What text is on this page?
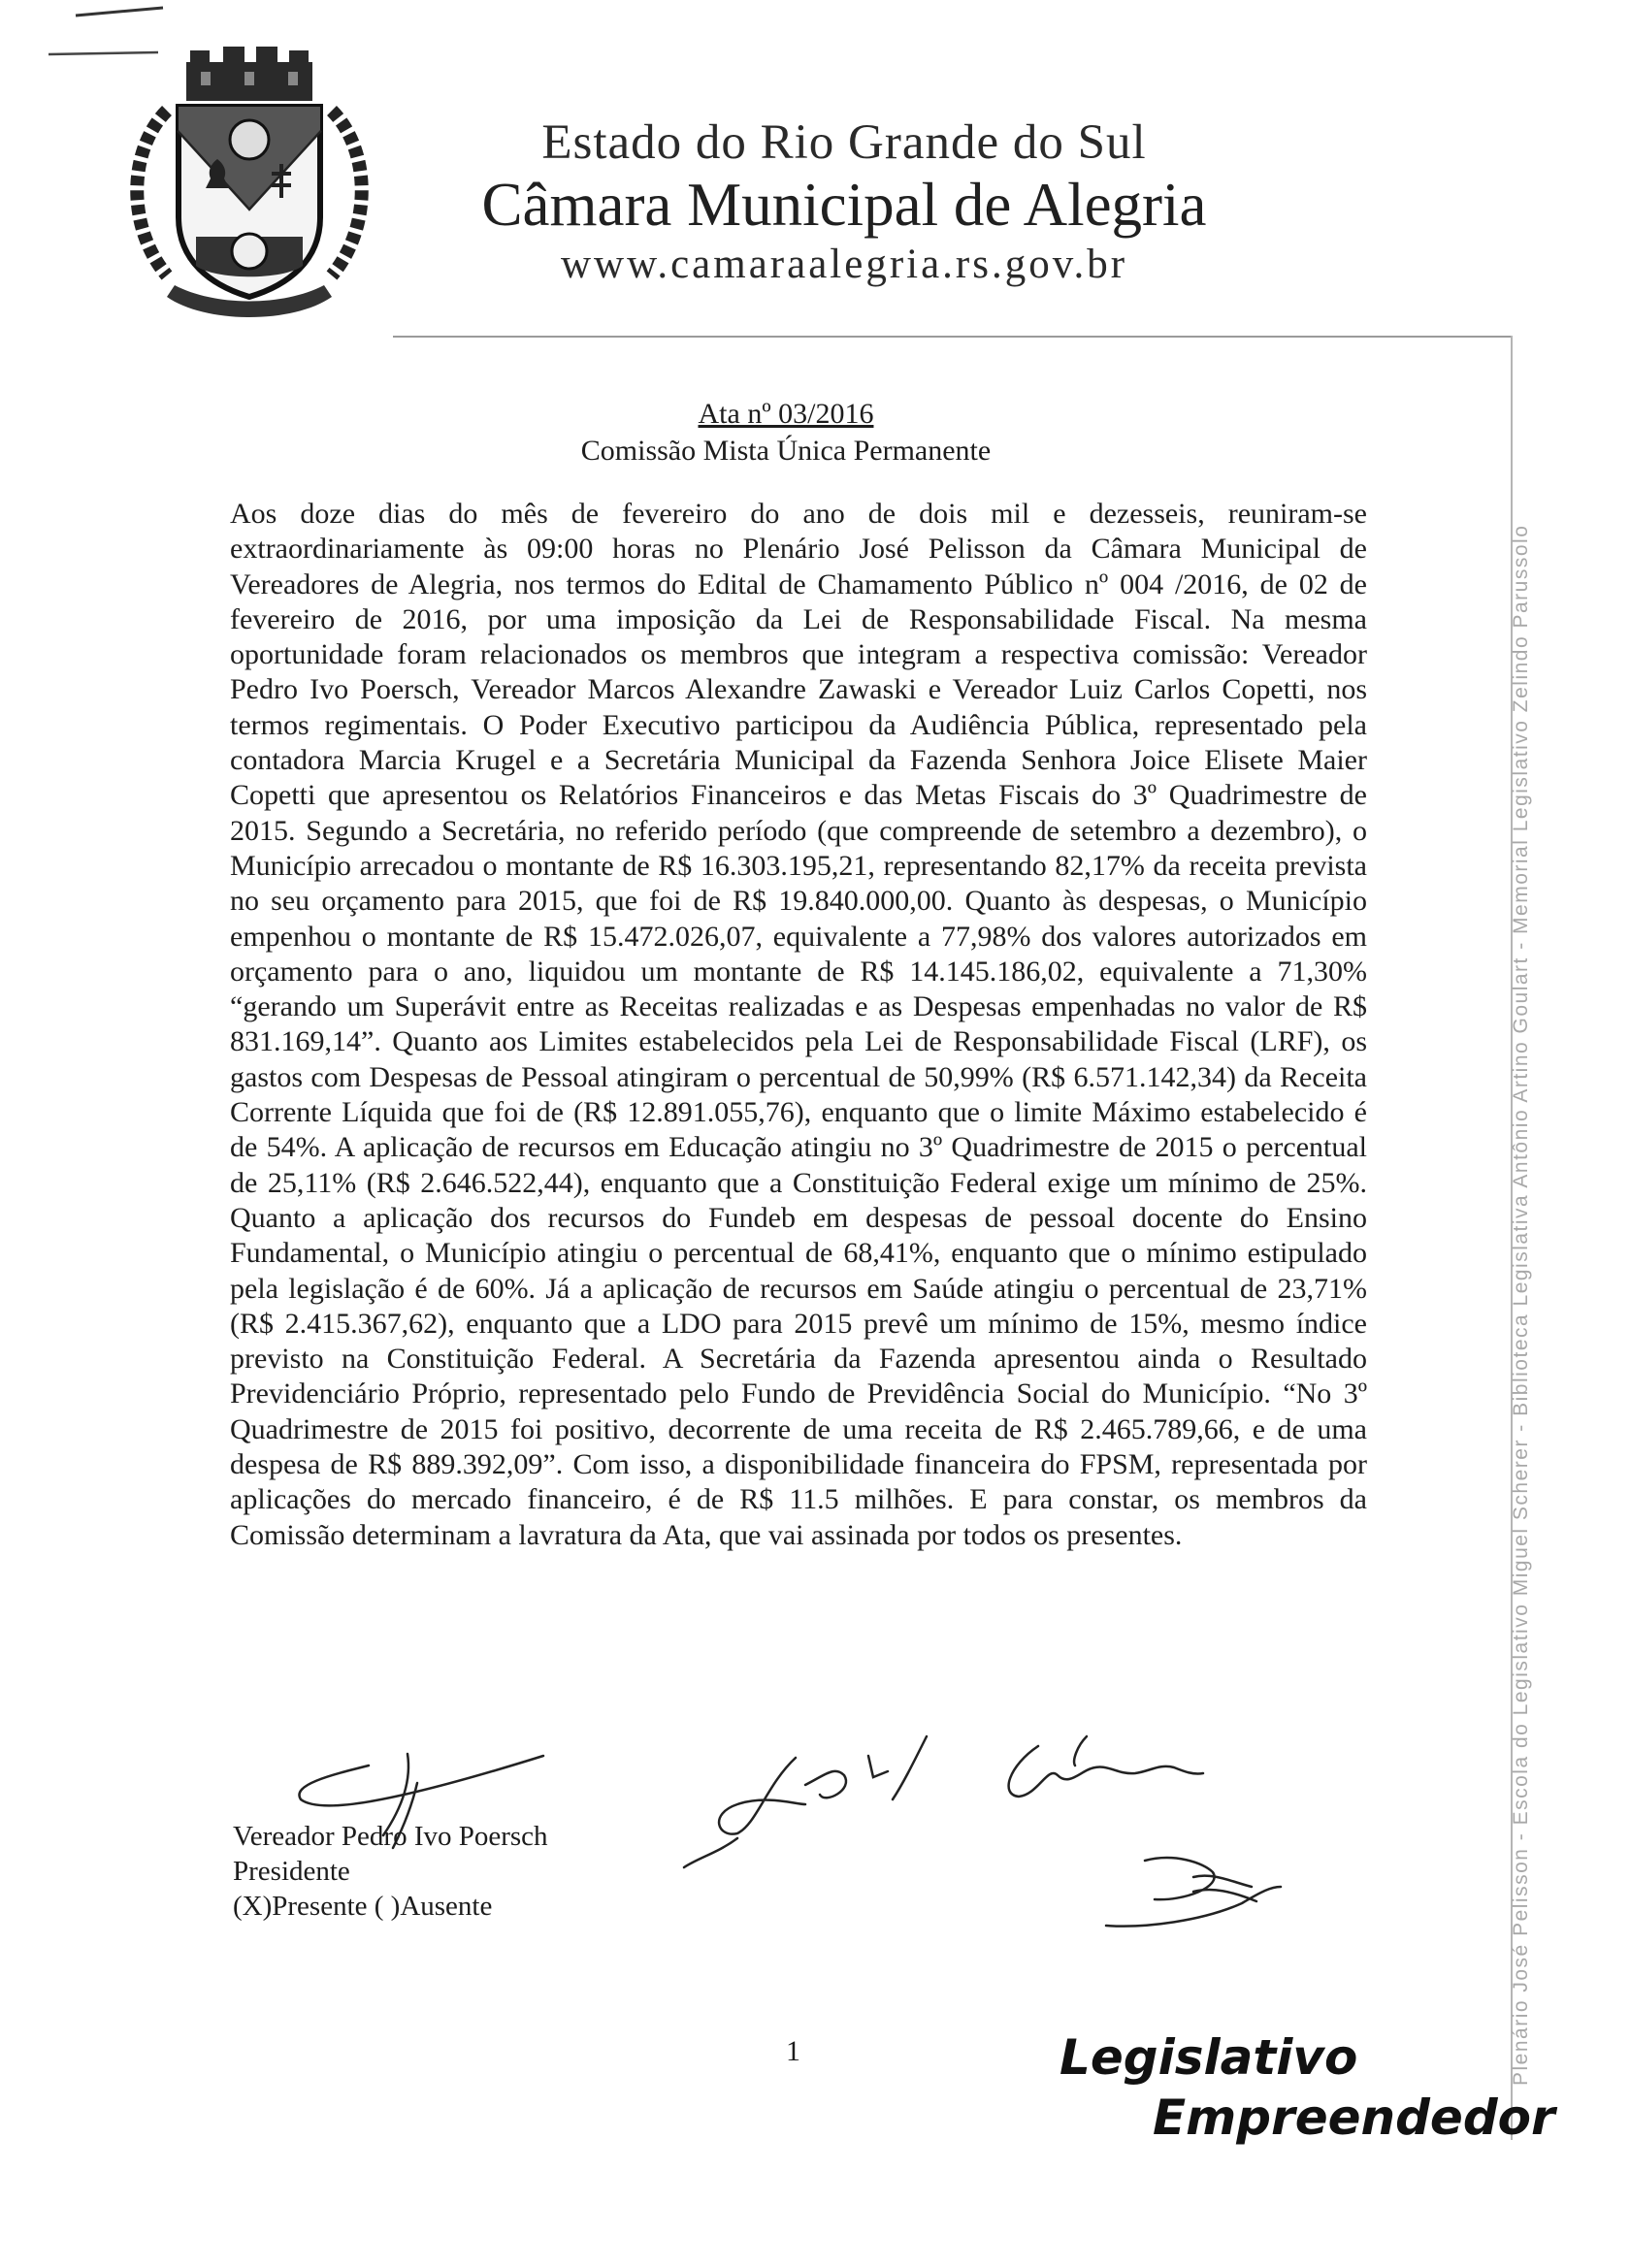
Estado do Rio Grande do Sul
Câmara Municipal de Alegria
www.camaraalegria.rs.gov.br
Plenário José Pelisson - Escola do Legislativo Miguel Scherer - Biblioteca Legislativa Antônio Artino Goulart - Memorial Legislativo Zelindo Parussolo
Ata nº 03/2016
Comissão Mista Única Permanente

Aos doze dias do mês de fevereiro do ano de dois mil e dezesseis, reuniram-se extraordinariamente às 09:00 horas no Plenário José Pelisson da Câmara Municipal de Vereadores de Alegria, nos termos do Edital de Chamamento Público nº 004 /2016, de 02 de fevereiro de 2016, por uma imposição da Lei de Responsabilidade Fiscal. Na mesma oportunidade foram relacionados os membros que integram a respectiva comissão: Vereador Pedro Ivo Poersch, Vereador Marcos Alexandre Zawaski e Vereador Luiz Carlos Copetti, nos termos regimentais. O Poder Executivo participou da Audiência Pública, representado pela contadora Marcia Krugel e a Secretária Municipal da Fazenda Senhora Joice Elisete Maier Copetti que apresentou os Relatórios Financeiros e das Metas Fiscais do 3º Quadrimestre de 2015. Segundo a Secretária, no referido período (que compreende de setembro a dezembro), o Município arrecadou o montante de R$ 16.303.195,21, representando 82,17% da receita prevista no seu orçamento para 2015, que foi de R$ 19.840.000,00. Quanto às despesas, o Município empenhou o montante de R$ 15.472.026,07, equivalente a 77,98% dos valores autorizados em orçamento para o ano, liquidou um montante de R$ 14.145.186,02, equivalente a 71,30% “gerando um Superávit entre as Receitas realizadas e as Despesas empenhadas no valor de R$ 831.169,14”. Quanto aos Limites estabelecidos pela Lei de Responsabilidade Fiscal (LRF), os gastos com Despesas de Pessoal atingiram o percentual de 50,99% (R$ 6.571.142,34) da Receita Corrente Líquida que foi de (R$ 12.891.055,76), enquanto que o limite Máximo estabelecido é de 54%. A aplicação de recursos em Educação atingiu no 3º Quadrimestre de 2015 o percentual de 25,11% (R$ 2.646.522,44), enquanto que a Constituição Federal exige um mínimo de 25%. Quanto a aplicação dos recursos do Fundeb em despesas de pessoal docente do Ensino Fundamental, o Município atingiu o percentual de 68,41%, enquanto que o mínimo estipulado pela legislação é de 60%. Já a aplicação de recursos em Saúde atingiu o percentual de 23,71% (R$ 2.415.367,62), enquanto que a LDO para 2015 prevê um mínimo de 15%, mesmo índice previsto na Constituição Federal. A Secretária da Fazenda apresentou ainda o Resultado Previdenciário Próprio, representado pelo Fundo de Previdência Social do Município. “No 3º Quadrimestre de 2015 foi positivo, decorrente de uma receita de R$ 2.465.789,66, e de uma despesa de R$ 889.392,09”. Com isso, a disponibilidade financeira do FPSM, representada por aplicações do mercado financeiro, é de R$ 11.5 milhões. E para constar, os membros da Comissão determinam a lavratura da Ata, que vai assinada por todos os presentes.

Vereador Pedro Ivo Poersch
Presidente
(X)Presente ( )Ausente
1	Legislativo
Empreendedor
